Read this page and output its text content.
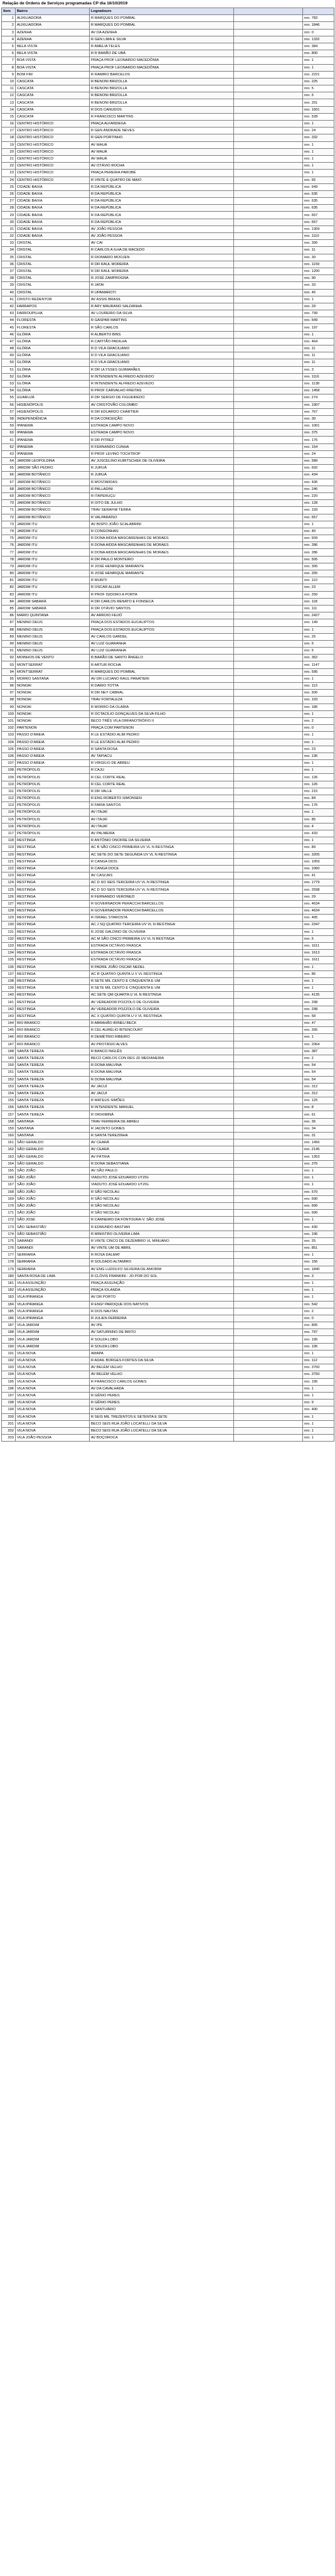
Relação de Ordens de Serviços programadas CP dia 16/10/2019
Item	Bairro	Logradouro		
1	AUXILIADORA	R MARQUES DO POMBAL		nro. 783
2	AUXILIADORA	R MARQUES DO POMBAL		nro. 1846
3	AZENHA	AV DA AZENHA		nro. 0
4	AZENHA	R GEN LIMA E SILVA		nro. 1332
5	BELA VISTA	R AMELIA TELES		nro. 384
6	BELA VISTA	R R BARÃO DE UBÁ		nro. 800
7	BOA VISTA	PRAÇA PROF LEONARDO MACEDÔNIA		nro. 1
8	BOA VISTA	PRAÇA PROF LEONARDO MACEDÔNIA		nro. 1
9	BOM FIM	R RAMIRO BARCELOS		nro. 2221
10	CASCATA	R BENONI BRIZOLLA		nro. 225
11	CASCATA	R BENONI BRIZOLLA		nro. 5
12	CASCATA	R BENONI BRIZOLLA		nro. 5
13	CASCATA	R BENONI BRIZOLLA		nro. 201
14	CASCATA	R DOS CANUDOS		nro. 1501
15	CASCATA	R FRANCISCO MARTINS		nro. 528
16	CENTRO HISTÓRICO	PRAÇA ALFANDEGA		nro. 1
17	CENTRO HISTÓRICO	R GEN ANDRADE NEVES		nro. 24
18	CENTRO HISTÓRICO	R GEN PORTINHO		nro. 332
19	CENTRO HISTÓRICO	AV MAUÁ		nro. 1
20	CENTRO HISTÓRICO	AV MAUÁ		nro. 1
21	CENTRO HISTÓRICO	AV MAUÁ		nro. 1
22	CENTRO HISTÓRICO	AV OTÁVIO ROCHA		nro. 1
23	CENTRO HISTÓRICO	PRAÇA PEREIRA PAROBÉ		nro. 1
24	CENTRO HISTÓRICO	R VINTE E QUATRO DE MAIO		nro. 65
25	CIDADE BAIXA	R DA REPÚBLICA		nro. 649
26	CIDADE BAIXA	R DA REPÚBLICA		nro. 635
27	CIDADE BAIXA	R DA REPÚBLICA		nro. 635
28	CIDADE BAIXA	R DA REPÚBLICA		nro. 635
29	CIDADE BAIXA	R DA REPÚBLICA		nro. 657
30	CIDADE BAIXA	R DA REPÚBLICA		nro. 657
31	CIDADE BAIXA	AV JOÃO PESSOA		nro. 1309
32	CIDADE BAIXA	AV JOÃO PESSOA		nro. 1110
33	CRISTAL	AV CAI		nro. 306
34	CRISTAL	R CARLOS A ILHA DE MACEDO		nro. 11
35	CRISTAL	R DIOMARIO MOOJEN		nro. 30
36	CRISTAL	R DR RAUL MOREIRA		nro. 1159
37	CRISTAL	R DR RAUL MOREIRA		nro. 1200
38	CRISTAL	R JOSÉ ZAMPROGNA		nro. 90
39	CRISTAL	R JATAI		nro. 33
40	CRISTAL	R UPAMAROTI		nro. 45
41	CRISTO REDENTOR	AV ASSIS BRASIL		nro. 1
42	FARRAPOS	R ARY MAURANO SALDANHA		nro. 29
43	FARROUPILHA	AV LOUREIRO DA SILVA		nro. 799
44	FLORESTA	R GASPAR MARTINS		nro. 549
45	FLORESTA	R SÃO CARLOS		nro. 197
46	GLÓRIA	R ALBERTO BINS		nro. 1
47	GLÓRIA	R CAPITÃO PADILHA		nro. 464
48	GLÓRIA	R D VILA GRACILIANO		nro. 11
49	GLÓRIA	R D VILA GRACILIANO		nro. 11
50	GLÓRIA	R D VILA GRACILIANO		nro. 11
51	GLÓRIA	R DR ULYSSES GUIMARÃES		nro. 3
52	GLÓRIA	R INTENDENTE ALFREDO AZEVEDO		nro. 1116
53	GLÓRIA	R INTENDENTE ALFREDO AZEVEDO		nro. 1138
54	GLÓRIA	R PROF CARVALHO FREITAS		nro. 1458
55	GUARUJÁ	R DR SERGIO DE FIGUEIREDO		nro. 274
56	HIGIENÓPOLIS	AV CRISTÓVÃO COLOMBO		nro. 1907
57	HIGIENÓPOLIS	R DR EDUARDO CHARTIER		nro. 767
58	INDEPENDÊNCIA	R DA CONCEIÇÃO		nro. 30
59	IPANEMA	ESTRADA CAMPO NOVO		nro. 1001
60	IPANEMA	ESTRADA CAMPO NOVO		nro. 375
61	IPANEMA	R DR PITREZ		nro. 176
62	IPANEMA	R FERNANDO CUNHA		nro. 154
63	IPANEMA	R PROF LEVINO TOCHTROP		nro. 24
64	JARDIM LEOPOLDINA	AV JUSCELINO KUBITSCHEK DE OLIVEIRA		nro. 589
65	JARDIM SÃO PEDRO	R JURUÁ		nro. 692
66	JARDIM BOTÂNICO	R JURUÁ		nro. 434
67	JARDIM BOTÂNICO	R MOSTARDAS		nro. 436
68	JARDIM BOTÂNICO	R PALLADINI		nro. 246
69	JARDIM BOTÂNICO	R ITAPERUÇU		nro. 220
70	JARDIM BOTÂNICO	R OITO DE JULHO		nro. 128
71	JARDIM BOTÂNICO	TRAV SERAFIM TERRA		nro. 193
72	JARDIM BOTÂNICO	R VALPARAÍSO		nro. 657
73	JARDIM ITU	AV BISPO JOÃO SCALABRINI		nro. 1
74	JARDIM ITU	R CONGONHAS		nro. 40
75	JARDIM ITU	R DONA AIDDA MASCARENHAS DE MORAES		nro. 609
76	JARDIM ITU	R DONA AIDDA MASCARENHAS DE MORAES		nro. 286
77	JARDIM ITU	R DONA AIDDA MASCARENHAS DE MORAES		nro. 286
78	JARDIM ITU	R DR PAULO MONTEIRO		nro. 505
79	JARDIM ITU	R JOSÉ HENRIQUE MARIANTE		nro. 305
80	JARDIM ITU	R JOSÉ HENRIQUE MARIANTE		nro. 265
81	JARDIM ITU	R MURITI		nro. 110
82	JARDIM ITU	R OSCAR ALLEM		nro. 23
83	JARDIM ITU	R PROF ISIDORO A PORTA		nro. 250
84	JARDIM SABARÁ	R DR CARLOS RENATO E FONSECA		nro. 118
85	JARDIM SABARÁ	R DR OTÁVIO SANTOS		nro. 111
86	MARIO QUINTANA	AV ARROIO FEIJÓ		nro. 2427
87	MENINO DEUS	PRAÇA DOS ESTADOS EUCALIPTOS		nro. 149
88	MENINO DEUS	PRAÇA DOS ESTADOS EUCALIPTOS		nro. 1
89	MENINO DEUS	AV CARLOS GARDEL		nro. 25
90	MENINO DEUS	AV LUIZ GUARANHA		nro. 5
91	MENINO DEUS	AV LUIZ GUARANHA		nro. 5
92	MOINHOS DE VENTO	R BARÃO DE SANTO ÂNGELO		nro. 362
93	MONT'SERRAT	R ARTUR ROCHA		nro. 1147
94	MONT'SERRAT	R MARQUES DO POMBAL		nro. 595
95	MORRO SANTANA	AV DR LUCIANO RAUL PANATIERI		nro. 1
96	NONOAI	R DARIO TOTTA		nro. 113
97	NONOAI	R DR NEY CABRAL		nro. 500
98	NONOAI	TRAV FORTALEZA		nro. 103
99	NONOAI	R MORRO DA OLARIA		nro. 186
100	NONOAI	R OCTACÍLIO GONÇALVES DA SILVA FILHO		nro. 1
101	NONOAI	BECO TRÊS VILA ORFANOTRÓFIO II		nro. 2
102	PARTENON	PRAÇA COM PARTENON		nro. 0
103	PASSO D'AREIA	R LE ESTÁDIO ALIM PEDRO		nro. 1
104	PASSO D'AREIA	R LE ESTÁDIO ALIM PEDRO		nro. 1
105	PASSO D'AREIA	R SANTA ROSA		nro. 23
106	PASSO D'AREIA	AV TAPIACU		nro. 136
107	PASSO D'AREIA	R VIRGÍLIO DE ABREU		nro. 1
108	PETRÓPOLIS	R CAJU		nro. 1
109	PETRÓPOLIS	R CEL CORTE REAL		nro. 126
110	PETRÓPOLIS	R CEL CORTE REAL		nro. 126
111	PETRÓPOLIS	R DR VALLE		nro. 215
112	PETRÓPOLIS	R ENG ROBERTO SIMONSEN		nro. 84
113	PETRÓPOLIS	R FARIA SANTOS		nro. 176
114	PETRÓPOLIS	AV ITAJAÍ		nro. 1
115	PETRÓPOLIS	AV ITAJAÍ		nro. 85
116	PETRÓPOLIS	AV ITAJAÍ		nro. 4
117	PETRÓPOLIS	AV PALMEIRA		nro. 433
118	RESTINGA	R ANTÔNIO ONOFRE DA SILVEIRA		nro. 1
119	RESTINGA	AC B SÃO CINCO PRIMEIRA UV VL N RESTINGA		nro. 89
120	RESTINGA	AC SETE DO SETE SEGUNDA UV VL N RESTINGA		nro. 3205
121	RESTINGA	R CANGA DIOS		nro. 1059
122	RESTINGA	R CANGA DOCE		nro. 1060
123	RESTINGA	AV CASCAIS		nro. 41
124	RESTINGA	AC D SO SEIS TERCEIRA UV VL N RESTINGA		nro. 1779
125	RESTINGA	AC D SO SEIS TERCEIRA UV VL N RESTINGA		nro. 2598
126	RESTINGA	R FERNANDO VERONEZI		nro. 29
127	RESTINGA	R GOVERNADOR PERACCHI BARCELLOS		nro. 4634
128	RESTINGA	R GOVERNADOR PERACCHI BARCELLOS		nro. 4634
129	RESTINGA	R ISRAEL STAROSTA		nro. 405
130	RESTINGA	AC J SQ QUATRO TERCEIRA UV VL N RESTINGA		nro. 2347
131	RESTINGA	R JOSÉ GALDINO DE OLIVEIRA		nro. 1
132	RESTINGA	AC M SÃO CINCO PRIMEIRA UV VL N RESTINGA		nro. 5
133	RESTINGA	ESTRADA OCTÁVIO FRASCA		nro. 1611
134	RESTINGA	ESTRADA OCTÁVIO FRASCA		nro. 1613
135	RESTINGA	ESTRADA OCTÁVIO FRASCA		nro. 1611
136	RESTINGA	R PADRE JOÃO OSCAR NEDEL		nro. 1
137	RESTINGA	AC R QUATRO QUINTA U V VL RESTINGA		nro. 86
138	RESTINGA	R SETE MIL CENTO E CINQUENTA E UM		nro. 1
139	RESTINGA	R SETE MIL CENTO E CINQUENTA E UM		nro. 1
140	RESTINGA	AC SETE QM QUARTA U VL N RESTINGA		nro. 4135
141	RESTINGA	AV VEREADOR POZZOLO DE OLIVEIRA		nro. 298
142	RESTINGA	AV VEREADOR POZZOLO DE OLIVEIRA		nro. 298
143	RESTINGA	AC X QUATRO QUINTA U V VL RESTINGA		nro. 58
144	RIO BRANCO	R ABRAHÃO IRINEU BECK		nro. 47
145	RIO BRANCO	R CEL AURÉLIO BITENCOURT		nro. 265
146	RIO BRANCO	R DEMÉTRIO RIBEIRO		nro. 1
147	RIO BRANCO	AV PROTÁSIO ALVES		nro. 2064
148	SANTA TEREZA	R BANCO INGLÊS		nro. 387
149	SANTA TEREZA	BECO CARLOS CON RES JD MEDIANEIRA		nro. 2
150	SANTA TEREZA	R DONA MALVINA		nro. 54
151	SANTA TEREZA	R DONA MALVINA		nro. 54
152	SANTA TEREZA	R DONA MALVINA		nro. 54
153	SANTA TEREZA	AV JACUÍ		nro. 312
154	SANTA TEREZA	AV JACUÍ		nro. 312
155	SANTA TEREZA	R MATEUS SIMÕES		nro. 125
156	SANTA TEREZA	R INTENDENTE MANUEL		nro. 8
157	SANTA TEREZA	R ORIXIMINÁ		nro. 61
158	SANTANA	TRAV FERREIRA DE ABREU		nro. 36
159	SANTANA	R JACINTO GOMES		nro. 34
160	SANTANA	R SANTA TEREZINHA		nro. 31
161	SÃO GERALDO	AV CEARÁ		nro. 1456
162	SÃO GERALDO	AV CEARÁ		nro. 2145
163	SÃO GERALDO	AV PÁTRIA		nro. 1353
164	SÃO GERALDO	R DONA SEBASTIANA		nro. 375
165	SÃO JOÃO	AV SÃO PAULO		nro. 1
166	SÃO JOÃO	VIADUTO JOSÉ EDUARDO UTZIG		nro. 1
167	SÃO JOÃO	VIADUTO JOSÉ EDUARDO UTZIG		nro. 1
168	SÃO JOÃO	R SÃO NICOLAU		nro. 570
169	SÃO JOÃO	R SÃO NICOLAU		nro. 690
170	SÃO JOÃO	R SÃO NICOLAU		nro. 690
171	SÃO JOÃO	R SÃO NICOLAU		nro. 690
172	SÃO JOSÉ	R CARNEIRO DA FONTOURA-V. SÃO JOSÉ		nro. 1
173	SÃO SEBASTIÃO	R EDMUNDO BASTIAN		nro. 430
174	SÃO SEBASTIÃO	R MINISTRO OLIVEIRA LIMA		nro. 196
175	SARANDI	R VINTE CINCO DE DEZEMBRO VL MINUANO		nro. 25
176	SARANDI	AV VINTE UM DE ABRIL		nro. 851
177	SERRARIA	R ROSA DALMAT		nro. 1
178	SERRARIA	R SOLDADO ALTAMIRO		nro. 156
179	SERRARIA	AV ENG LUDOLFO SILVEIRA DE AMORIM		nro. 1840
180	SANTA ROSA DE LIMA	R CLÓVIS FRANKINI - JO POR DO SOL		nro. 3
181	VILA ASSUNÇÃO	PRAÇA ASSUNÇÃO		nro. 1
182	VILA ASSUNÇÃO	PRAÇA IOLANDA		nro. 1
183	VILA IPIRANGA	AV DR PORTO		nro. 1
184	VILA IPIRANGA	R ENGº PAROQUE DOS NATIVOS		nro. 542
185	VILA IPIRANGA	R DOS NAUTAS		nro. 2
186	VILA IPIRANGA	R JULIEN FERREIRA		nro. 0
187	VILA JARDIM	AV IPE		nro. 805
188	VILA JARDIM	AV SATURNINO DE BRITO		nro. 797
189	VILA JARDIM	R SOUZA LOBO		nro. 195
190	VILA JARDIM	R SOUZA LOBO		nro. 195
191	VILA NOVA	AMAPA		nro. 1
192	VILA NOVA	R ADAIL BORGES FORTES DA SILVA		nro. 112
193	VILA NOVA	AV BELÉM VELHO		nro. 3750
194	VILA NOVA	AV BELÉM VELHO		nro. 3750
195	VILA NOVA	R FRANCISCO CARLOS GOMES		nro. 195
196	VILA NOVA	AV DA CAVALHADA		nro. 1
197	VILA NOVA	R GÊNIO PERES		nro. 1
198	VILA NOVA	R GÊNIO PERES		nro. 9
199	VILA NOVA	R SANTUÁRIO		nro. 400
200	VILA NOVA	R SEIS MIL TREZENTOS E SETENTA E SETE		nro. 1
201	VILA NOVA	BECO SEIS RUA JOÃO LOCATELLI DA SILVA		nro. 1
202	VILA NOVA	BECO SEIS RUA JOÃO LOCATELLI DA SILVA		nro. 1
203	VILA JOÃO PESSOA	AV BOÇOROCA		nro. 1
